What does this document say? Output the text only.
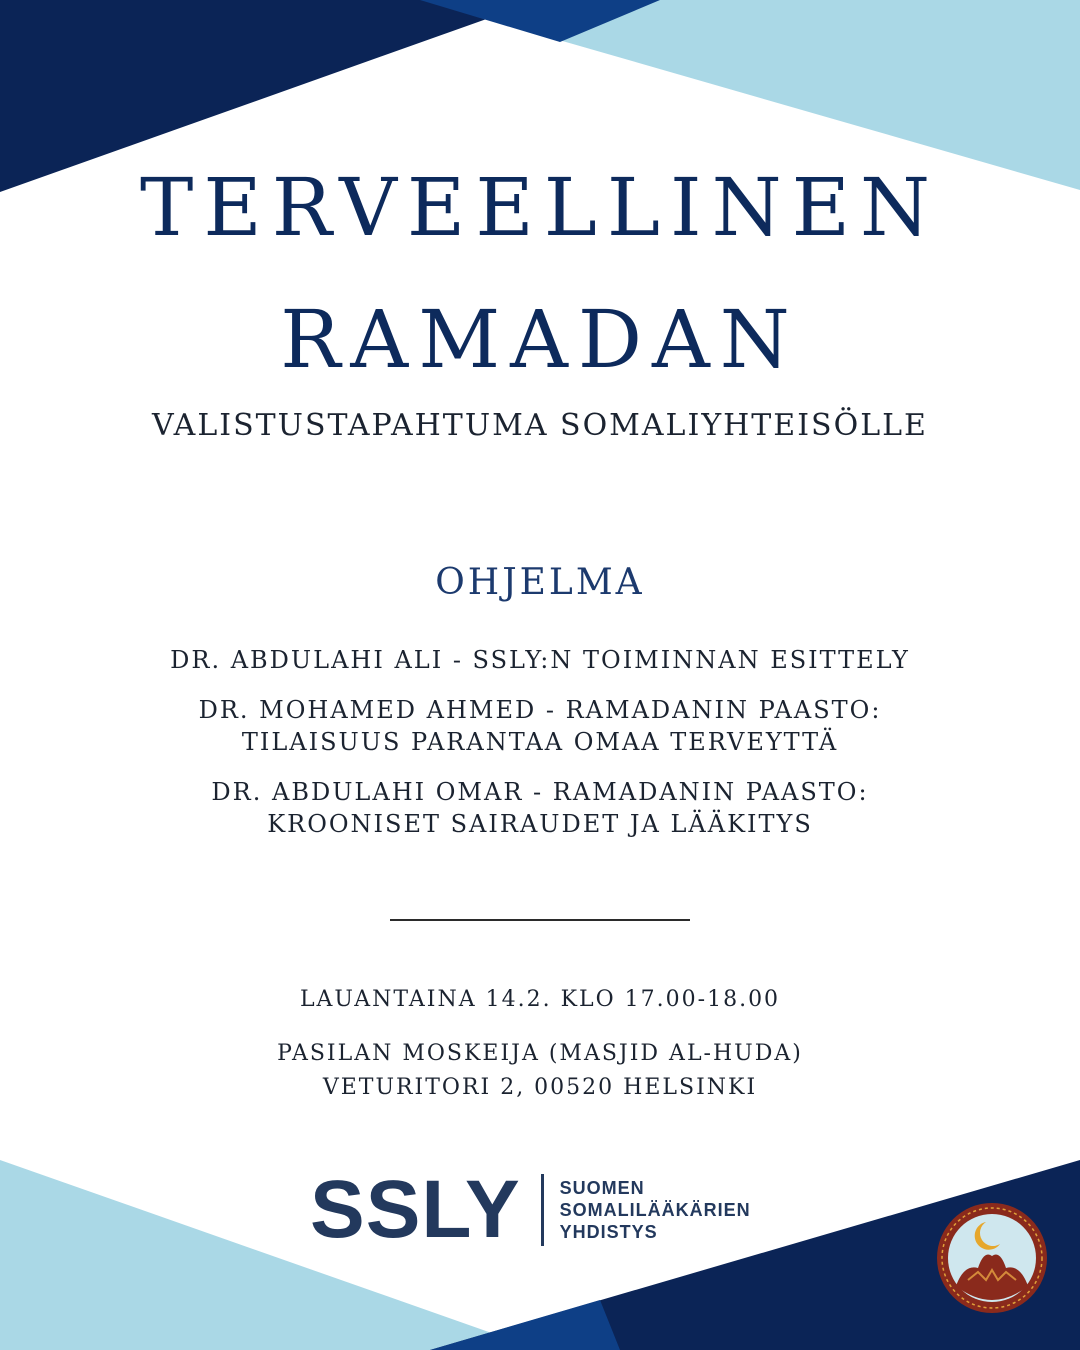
TERVEELLINEN
RAMADAN
VALISTUSTAPAHTUMA SOMALIYHTEISÖLLE
OHJELMA
DR. ABDULAHI ALI - SSLY:N TOIMINNAN ESITTELY
DR. MOHAMED AHMED - RAMADANIN PAASTO:
TILAISUUS PARANTAA OMAA TERVEYTTÄ
DR. ABDULAHI OMAR - RAMADANIN PAASTO:
KROONISET SAIRAUDET JA LÄÄKITYS
LAUANTAINA 14.2. KLO 17.00-18.00
PASILAN MOSKEIJA (MASJID AL-HUDA)
VETURITORI 2, 00520 HELSINKI
SSLY SUOMEN
SOMALILÄÄKÄRIEN
YHDISTYS
